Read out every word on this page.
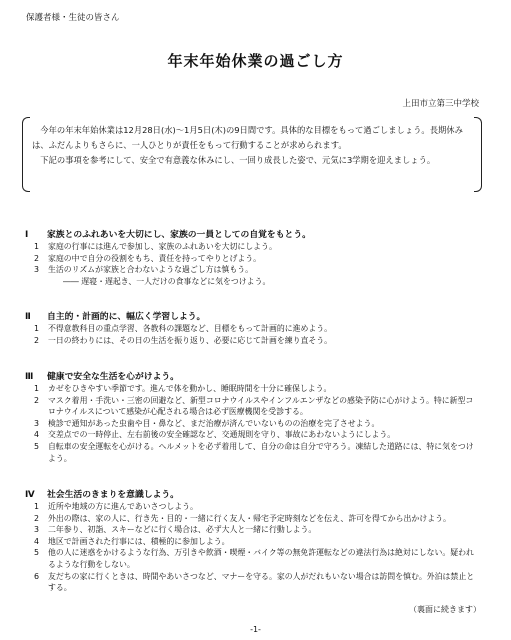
保護者様・生徒の皆さん
年末年始休業の過ごし方
上田市立第三中学校

今年の年末年始休業は12月28日(水)～1月5日(木)の9日間です。具体的な目標をもって過ごしましょう。長期休みは、ふだんよりもさらに、一人ひとりが責任をもって行動することが求められます。

下記の事項を参考にして、安全で有意義な休みにし、一回り成長した姿で、元気に3学期を迎えましょう。

Ⅰ 家族とのふれあいを大切にし、家族の一員としての自覚をもとう。
1 家庭の行事には進んで参加し、家族のふれあいを大切にしよう。
2 家庭の中で自分の役割をもち、責任を持ってやりとげよう。
3 生活のリズムが家族と合わないような過ごし方は慎もう。
―― 遅寝・遅起き、一人だけの食事などに気をつけよう。
Ⅱ 自主的・計画的に、幅広く学習しよう。
1 不得意教科目の重点学習、各教科の課題など、目標をもって計画的に進めよう。
2 一日の終わりには、その日の生活を振り返り、必要に応じて計画を練り直そう。
Ⅲ 健康で安全な生活を心がけよう。
1 カゼをひきやすい季節です。進んで体を動かし、睡眠時間を十分に確保しよう。
2 マスク着用・手洗い・三密の回避など、新型コロナウイルスやインフルエンザなどの感染予防に心がけよう。特に新型コロナウイルスについて感染が心配される場合は必ず医療機関を受診する。
3 検診で通知があった虫歯や目・鼻など、まだ治療が済んでいないものの治療を完了させよう。
4 交差点での一時停止、左右前後の安全確認など、交通規則を守り、事故にあわないようにしよう。
5 自転車の安全運転を心がける。ヘルメットを必ず着用して、自分の命は自分で守ろう。凍結した道路には、特に気をつけよう。
Ⅳ 社会生活のきまりを意識しよう。
1 近所や地域の方に進んであいさつしよう。
2 外出の際は、家の人に、行き先・目的・一緒に行く友人・帰宅予定時刻などを伝え、許可を得てから出かけよう。
3 二年参り、初詣、スキーなどに行く場合は、必ず大人と一緒に行動しよう。
4 地区で計画された行事には、積極的に参加しよう。
5 他の人に迷惑をかけるような行為、万引きや飲酒・喫煙・バイク等の無免許運転などの違法行為は絶対にしない。疑われるような行動をしない。
6 友だちの家に行くときは、時間やあいさつなど、マナーを守る。家の人がだれもいない場合は訪問を慎む。外泊は禁止とする。
（裏面に続きます）
-1-
